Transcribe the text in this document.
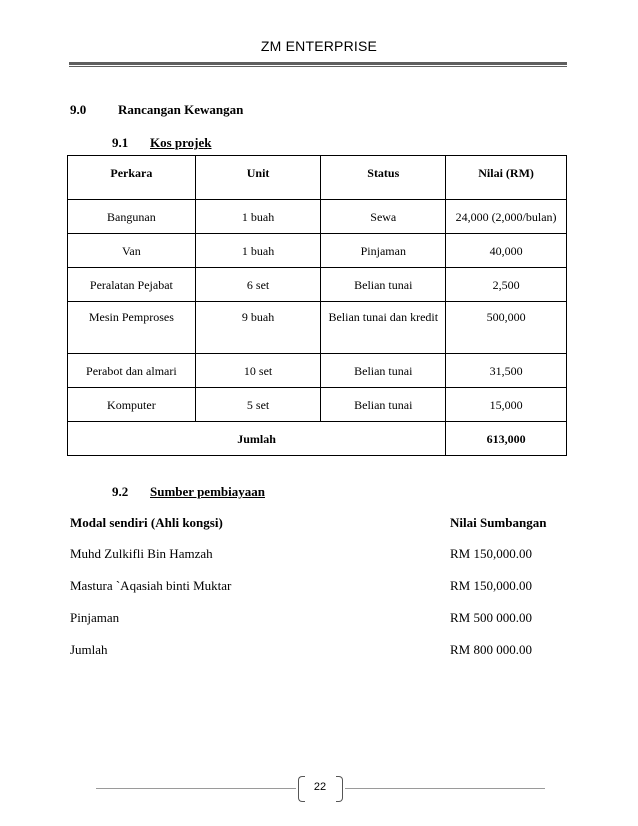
ZM ENTERPRISE
9.0 Rancangan Kewangan
9.1 Kos projek
Perkara	Unit	Status	Nilai (RM)
Bangunan	1 buah	Sewa	24,000 (2,000/bulan)
Van	1 buah	Pinjaman	40,000
Peralatan Pejabat	6 set	Belian tunai	2,500
Mesin Pemproses	9 buah	Belian tunai dan kredit	500,000
Perabot dan almari	10 set	Belian tunai	31,500
Komputer	5 set	Belian tunai	15,000
Jumlah			613,000
9.2 Sumber pembiayaan
Modal sendiri (Ahli kongsi)	Nilai Sumbangan
Muhd Zulkifli Bin Hamzah	RM 150,000.00
Mastura `Aqasiah binti Muktar	RM 150,000.00
Pinjaman	RM 500 000.00
Jumlah	RM 800 000.00
22
